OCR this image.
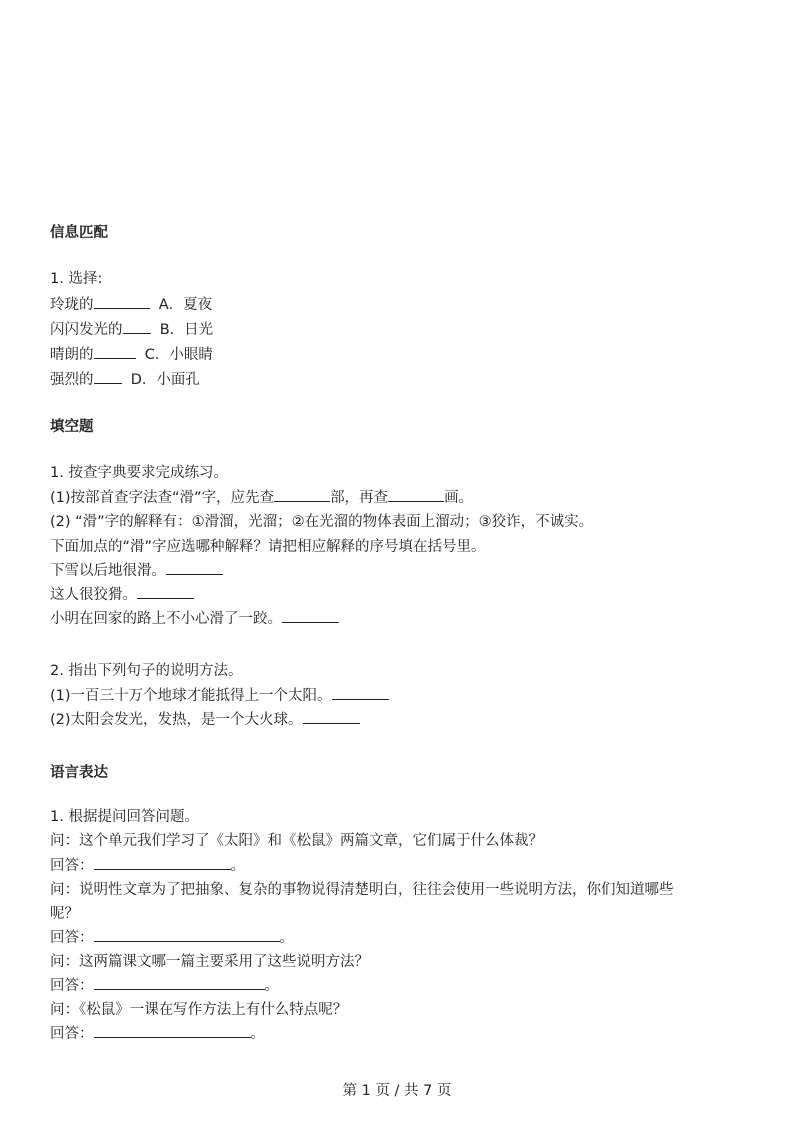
信息匹配
1. 选择:
玲珑的	A．夏夜
闪闪发光的	B．日光
晴朗的	C．小眼睛
强烈的	D．小面孔
填空题
1. 按查字典要求完成练习。
(1)按部首查字法查“滑”字，应先查	部，再查	画。
(2) “滑”字的解释有：①滑溜，光溜；②在光溜的物体表面上溜动；③狡诈，不诚实。
下面加点的“滑”字应选哪种解释？请把相应解释的序号填在括号里。
下雪以后地很滑。
这人很狡猾。
小明在回家的路上不小心滑了一跤。
2. 指出下列句子的说明方法。
(1)一百三十万个地球才能抵得上一个太阳。
(2)太阳会发光，发热，是一个大火球。
语言表达
1. 根据提问回答问题。
问：这个单元我们学习了《太阳》和《松鼠》两篇文章，它们属于什么体裁？
回答：	。
问：说明性文章为了把抽象、复杂的事物说得清楚明白，往往会使用一些说明方法，你们知道哪些
呢？
回答：	。
问：这两篇课文哪一篇主要采用了这些说明方法？
回答：	。
问：《松鼠》一课在写作方法上有什么特点呢？
回答：	。
第 1 页 / 共 7 页
